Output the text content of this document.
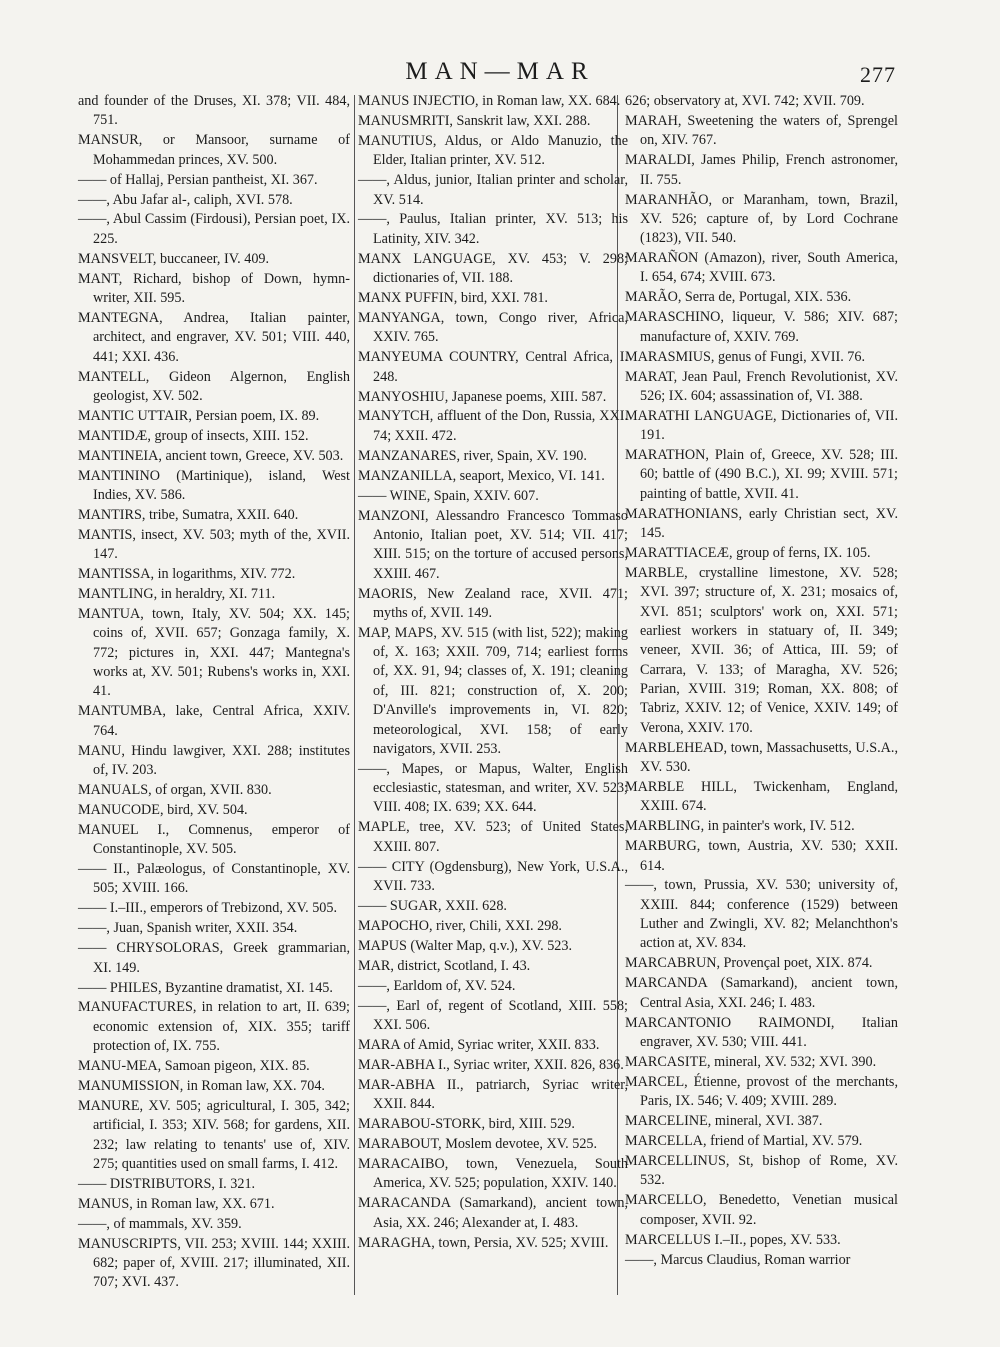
MAN—MAR	277

and founder of the Druses, XI. 378; VII. 484, 751.

MANSUR, or Mansoor, surname of Mohammedan princes, XV. 500.

—— of Hallaj, Persian pantheist, XI. 367.

——, Abu Jafar al-, caliph, XVI. 578.

——, Abul Cassim (Firdousi), Persian poet, IX. 225.

MANSVELT, buccaneer, IV. 409.

MANT, Richard, bishop of Down, hymn-writer, XII. 595.

MANTEGNA, Andrea, Italian painter, architect, and engraver, XV. 501; VIII. 440, 441; XXI. 436.

MANTELL, Gideon Algernon, English geologist, XV. 502.

MANTIC UTTAIR, Persian poem, IX. 89.

MANTIDÆ, group of insects, XIII. 152.

MANTINEIA, ancient town, Greece, XV. 503.

MANTININO (Martinique), island, West Indies, XV. 586.

MANTIRS, tribe, Sumatra, XXII. 640.

MANTIS, insect, XV. 503; myth of the, XVII. 147.

MANTISSA, in logarithms, XIV. 772.

MANTLING, in heraldry, XI. 711.

MANTUA, town, Italy, XV. 504; XX. 145; coins of, XVII. 657; Gonzaga family, X. 772; pictures in, XXI. 447; Mantegna's works at, XV. 501; Rubens's works in, XXI. 41.

MANTUMBA, lake, Central Africa, XXIV. 764.

MANU, Hindu lawgiver, XXI. 288; institutes of, IV. 203.

MANUALS, of organ, XVII. 830.

MANUCODE, bird, XV. 504.

MANUEL I., Comnenus, emperor of Constantinople, XV. 505.

—— II., Palæologus, of Constantinople, XV. 505; XVIII. 166.

—— I.–III., emperors of Trebizond, XV. 505.

——, Juan, Spanish writer, XXII. 354.

—— CHRYSOLORAS, Greek grammarian, XI. 149.

—— PHILES, Byzantine dramatist, XI. 145.

MANUFACTURES, in relation to art, II. 639; economic extension of, XIX. 355; tariff protection of, IX. 755.

MANU-MEA, Samoan pigeon, XIX. 85.

MANUMISSION, in Roman law, XX. 704.

MANURE, XV. 505; agricultural, I. 305, 342; artificial, I. 353; XIV. 568; for gardens, XII. 232; law relating to tenants' use of, XIV. 275; quantities used on small farms, I. 412.

—— DISTRIBUTORS, I. 321.

MANUS, in Roman law, XX. 671.

——, of mammals, XV. 359.

MANUSCRIPTS, VII. 253; XVIII. 144; XXIII. 682; paper of, XVIII. 217; illuminated, XII. 707; XVI. 437.

MANUS INJECTIO, in Roman law, XX. 684.

MANUSMRITI, Sanskrit law, XXI. 288.

MANUTIUS, Aldus, or Aldo Manuzio, the Elder, Italian printer, XV. 512.

——, Aldus, junior, Italian printer and scholar, XV. 514.

——, Paulus, Italian printer, XV. 513; his Latinity, XIV. 342.

MANX LANGUAGE, XV. 453; V. 298; dictionaries of, VII. 188.

MANX PUFFIN, bird, XXI. 781.

MANYANGA, town, Congo river, Africa, XXIV. 765.

MANYEUMA COUNTRY, Central Africa, I. 248.

MANYOSHIU, Japanese poems, XIII. 587.

MANYTCH, affluent of the Don, Russia, XXI. 74; XXII. 472.

MANZANARES, river, Spain, XV. 190.

MANZANILLA, seaport, Mexico, VI. 141.

—— WINE, Spain, XXIV. 607.

MANZONI, Alessandro Francesco Tommaso Antonio, Italian poet, XV. 514; VII. 417; XIII. 515; on the torture of accused persons, XXIII. 467.

MAORIS, New Zealand race, XVII. 471; myths of, XVII. 149.

MAP, MAPS, XV. 515 (with list, 522); making of, X. 163; XXII. 709, 714; earliest forms of, XX. 91, 94; classes of, X. 191; cleaning of, III. 821; construction of, X. 200; D'Anville's improvements in, VI. 820; meteorological, XVI. 158; of early navigators, XVII. 253.

——, Mapes, or Mapus, Walter, English ecclesiastic, statesman, and writer, XV. 523; VIII. 408; IX. 639; XX. 644.

MAPLE, tree, XV. 523; of United States, XXIII. 807.

—— CITY (Ogdensburg), New York, U.S.A., XVII. 733.

—— SUGAR, XXII. 628.

MAPOCHO, river, Chili, XXI. 298.

MAPUS (Walter Map, q.v.), XV. 523.

MAR, district, Scotland, I. 43.

——, Earldom of, XV. 524.

——, Earl of, regent of Scotland, XIII. 558; XXI. 506.

MARA of Amid, Syriac writer, XXII. 833.

MAR-ABHA I., Syriac writer, XXII. 826, 836.

MAR-ABHA II., patriarch, Syriac writer, XXII. 844.

MARABOU-STORK, bird, XIII. 529.

MARABOUT, Moslem devotee, XV. 525.

MARACAIBO, town, Venezuela, South America, XV. 525; population, XXIV. 140.

MARACANDA (Samarkand), ancient town, Asia, XX. 246; Alexander at, I. 483.

MARAGHA, town, Persia, XV. 525; XVIII.

626; observatory at, XVI. 742; XVII. 709.

MARAH, Sweetening the waters of, Sprengel on, XIV. 767.

MARALDI, James Philip, French astronomer, II. 755.

MARANHÃO, or Maranham, town, Brazil, XV. 526; capture of, by Lord Cochrane (1823), VII. 540.

MARAÑON (Amazon), river, South America, I. 654, 674; XVIII. 673.

MARÃO, Serra de, Portugal, XIX. 536.

MARASCHINO, liqueur, V. 586; XIV. 687; manufacture of, XXIV. 769.

MARASMIUS, genus of Fungi, XVII. 76.

MARAT, Jean Paul, French Revolutionist, XV. 526; IX. 604; assassination of, VI. 388.

MARATHI LANGUAGE, Dictionaries of, VII. 191.

MARATHON, Plain of, Greece, XV. 528; III. 60; battle of (490 B.C.), XI. 99; XVIII. 571; painting of battle, XVII. 41.

MARATHONIANS, early Christian sect, XV. 145.

MARATTIACEÆ, group of ferns, IX. 105.

MARBLE, crystalline limestone, XV. 528; XVI. 397; structure of, X. 231; mosaics of, XVI. 851; sculptors' work on, XXI. 571; earliest workers in statuary of, II. 349; veneer, XVII. 36; of Attica, III. 59; of Carrara, V. 133; of Maragha, XV. 526; Parian, XVIII. 319; Roman, XX. 808; of Tabriz, XXIV. 12; of Venice, XXIV. 149; of Verona, XXIV. 170.

MARBLEHEAD, town, Massachusetts, U.S.A., XV. 530.

MARBLE HILL, Twickenham, England, XXIII. 674.

MARBLING, in painter's work, IV. 512.

MARBURG, town, Austria, XV. 530; XXII. 614.

——, town, Prussia, XV. 530; university of, XXIII. 844; conference (1529) between Luther and Zwingli, XV. 82; Melanchthon's action at, XV. 834.

MARCABRUN, Provençal poet, XIX. 874.

MARCANDA (Samarkand), ancient town, Central Asia, XXI. 246; I. 483.

MARCANTONIO RAIMONDI, Italian engraver, XV. 530; VIII. 441.

MARCASITE, mineral, XV. 532; XVI. 390.

MARCEL, Étienne, provost of the merchants, Paris, IX. 546; V. 409; XVIII. 289.

MARCELINE, mineral, XVI. 387.

MARCELLA, friend of Martial, XV. 579.

MARCELLINUS, St, bishop of Rome, XV. 532.

MARCELLO, Benedetto, Venetian musical composer, XVII. 92.

MARCELLUS I.–II., popes, XV. 533.

——, Marcus Claudius, Roman warrior
